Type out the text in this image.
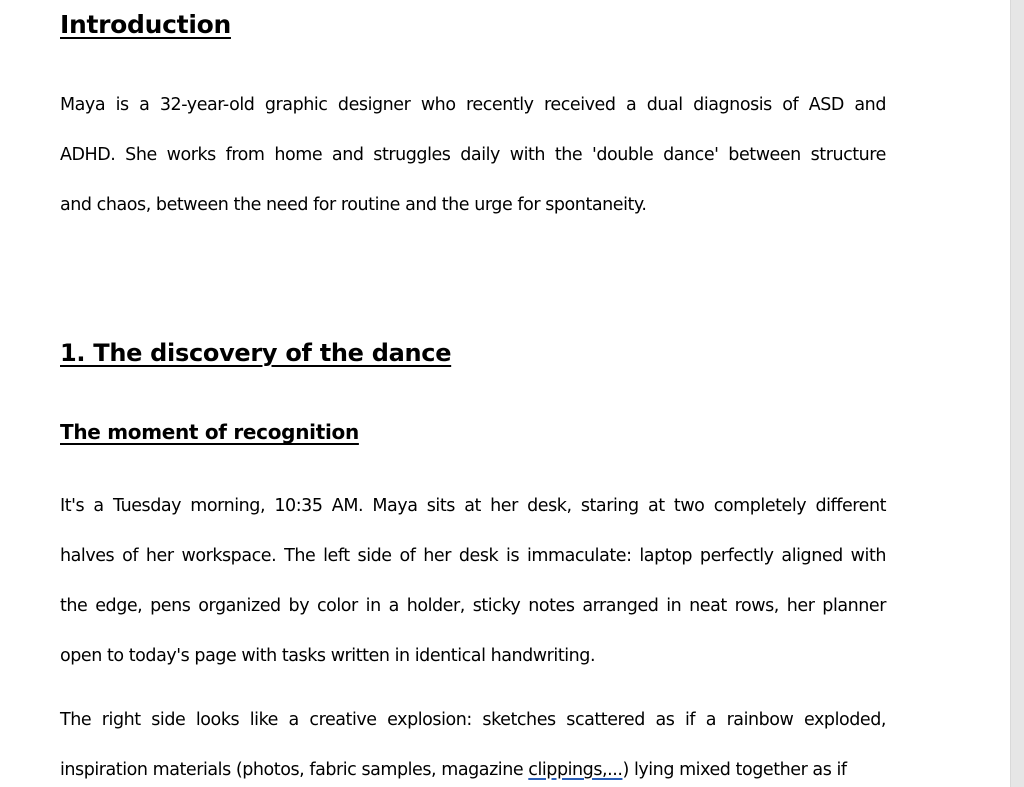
Introduction
Maya is a 32-year-old graphic designer who recently received a dual diagnosis of ASD and
ADHD. She works from home and struggles daily with the 'double dance' between structure
and chaos, between the need for routine and the urge for spontaneity.
1. The discovery of the dance
The moment of recognition
It's a Tuesday morning, 10:35 AM. Maya sits at her desk, staring at two completely different
halves of her workspace. The left side of her desk is immaculate: laptop perfectly aligned with
the edge, pens organized by color in a holder, sticky notes arranged in neat rows, her planner
open to today's page with tasks written in identical handwriting.
The right side looks like a creative explosion: sketches scattered as if a rainbow exploded,
inspiration materials (photos, fabric samples, magazine clippings,...) lying mixed together as if
